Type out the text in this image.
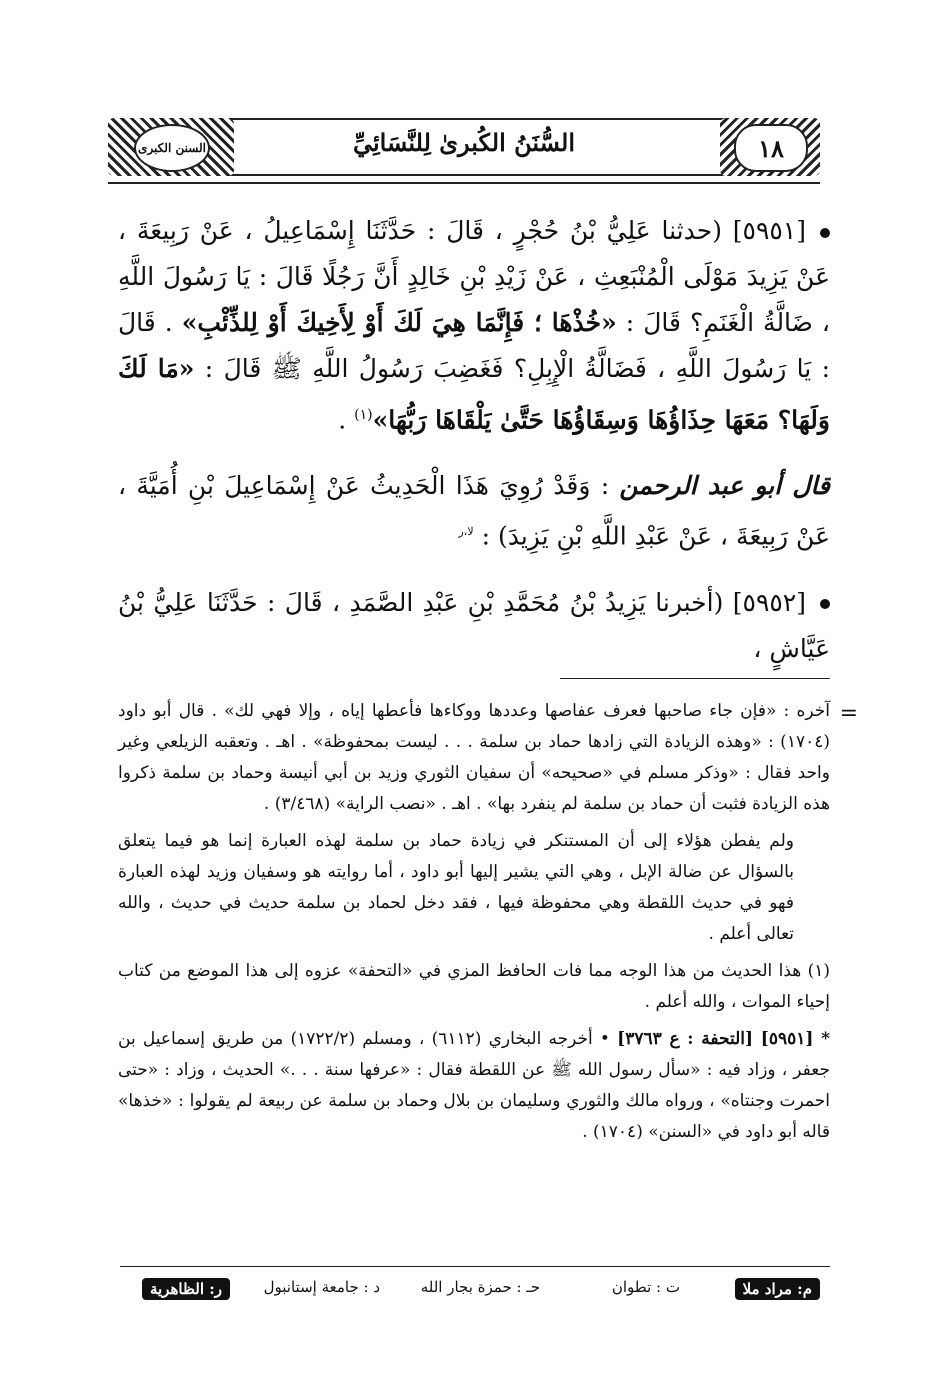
السنن الكبرى	السُّنَنُ الكُبرىٰ لِلنَّسَائِيِّ	١٨

[٥٩٥١] (حدثنا عَلِيُّ بْنُ حُجْرٍ ، قَالَ : حَدَّثَنَا إِسْمَاعِيلُ ، عَنْ رَبِيعَةَ ، عَنْ يَزِيدَ مَوْلَى الْمُنْبَعِثِ ، عَنْ زَيْدِ بْنِ خَالِدٍ أَنَّ رَجُلًا قَالَ : يَا رَسُولَ اللَّهِ ، ضَالَّةُ الْغَنَمِ؟ قَالَ : «خُذْهَا ؛ فَإِنَّمَا هِيَ لَكَ أَوْ لِأَخِيكَ أَوْ لِلذِّئْبِ» . قَالَ : يَا رَسُولَ اللَّهِ ، فَضَالَّةُ الْإِبِلِ؟ فَغَضِبَ رَسُولُ اللَّهِ ﷺ قَالَ : «مَا لَكَ وَلَهَا؟ مَعَهَا حِذَاؤُهَا وَسِقَاؤُهَا حَتَّىٰ يَلْقَاهَا رَبُّهَا»$^{(١)}$ .

قال أبو عبد الرحمن : وَقَدْ رُوِيَ هَذَا الْحَدِيثُ عَنْ إِسْمَاعِيلَ بْنِ أُمَيَّةَ ، عَنْ رَبِيعَةَ ، عَنْ عَبْدِ اللَّهِ بْنِ يَزِيدَ) : $^{لا،ر}$

[٥٩٥٢] (أخبرنا يَزِيدُ بْنُ مُحَمَّدِ بْنِ عَبْدِ الصَّمَدِ ، قَالَ : حَدَّثَنَا عَلِيُّ بْنُ عَيَّاشٍ ،

=

آخره : «فإن جاء صاحبها فعرف عفاصها وعددها ووكاءها فأعطها إياه ، وإلا فهي لك» . قال أبو داود (١٧٠٤) : «وهذه الزيادة التي زادها حماد بن سلمة . . . ليست بمحفوظة» . اهـ . وتعقبه الزيلعي وغير واحد فقال : «وذكر مسلم في «صحيحه» أن سفيان الثوري وزيد بن أبي أنيسة وحماد بن سلمة ذكروا هذه الزيادة فثبت أن حماد بن سلمة لم ينفرد بها» . اهـ . «نصب الراية» (٣/٤٦٨) .

ولم يفطن هؤلاء إلى أن المستنكر في زيادة حماد بن سلمة لهذه العبارة إنما هو فيما يتعلق بالسؤال عن ضالة الإبل ، وهي التي يشير إليها أبو داود ، أما روايته هو وسفيان وزيد لهذه العبارة فهو في حديث اللقطة وهي محفوظة فيها ، فقد دخل لحماد بن سلمة حديث في حديث ، والله تعالى أعلم .

(١) هذا الحديث من هذا الوجه مما فات الحافظ المزي في «التحفة» عزوه إلى هذا الموضع من كتاب إحياء الموات ، والله أعلم .

* [٥٩٥١] [التحفة : ع ٣٧٦٣] • أخرجه البخاري (٦١١٢) ، ومسلم (١٧٢٢/٢) من طريق إسماعيل بن جعفر ، وزاد فيه : «سأل رسول الله ﷺ عن اللقطة فقال : «عرفها سنة . . .» الحديث ، وزاد : «حتى احمرت وجنتاه» ، ورواه مالك والثوري وسليمان بن بلال وحماد بن سلمة عن ربيعة لم يقولوا : «خذها» قاله أبو داود في «السنن» (١٧٠٤) .

م: مراد ملا
ت : تطوان
حـ : حمزة بجار الله
د : جامعة إستانبول
ر: الظاهرية
